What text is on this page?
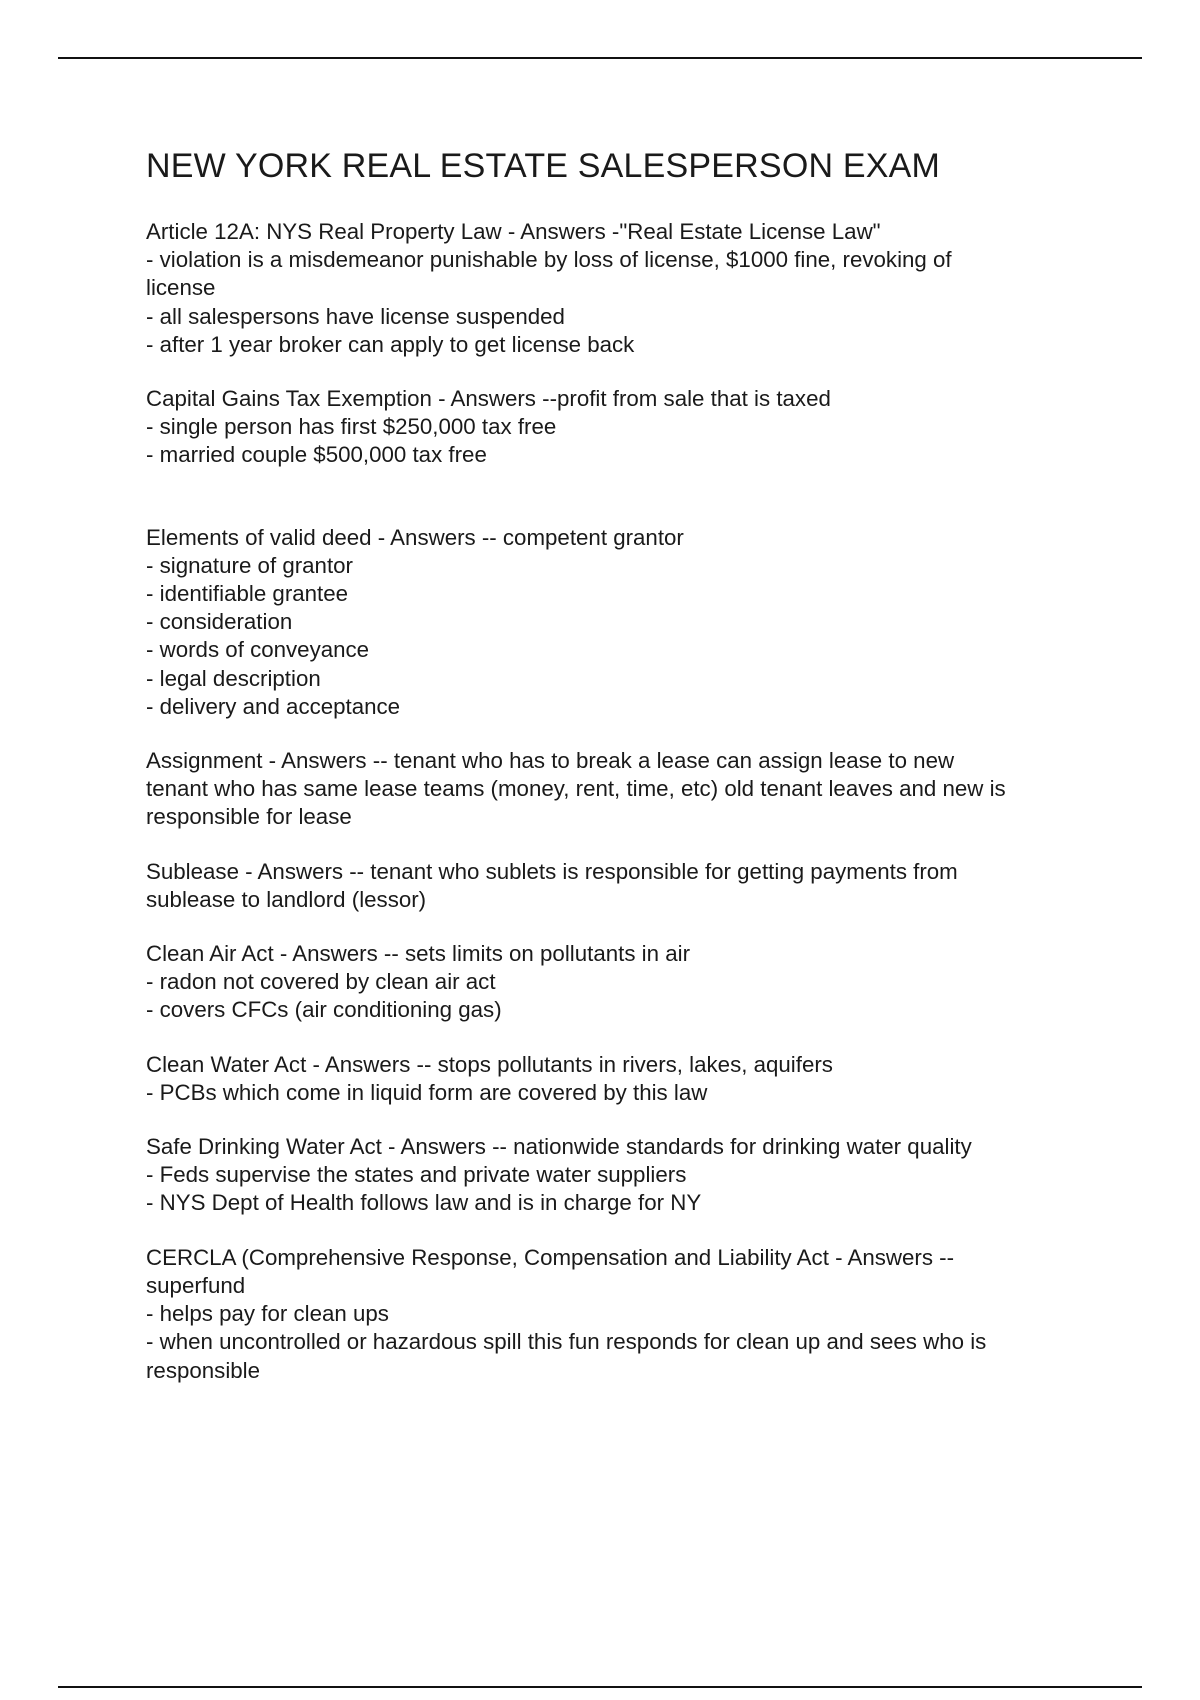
NEW YORK REAL ESTATE SALESPERSON EXAM
Article 12A: NYS Real Property Law - Answers -"Real Estate License Law"
- violation is a misdemeanor punishable by loss of license, $1000 fine, revoking of
license
- all salespersons have license suspended
- after 1 year broker can apply to get license back
Capital Gains Tax Exemption - Answers --profit from sale that is taxed
- single person has first $250,000 tax free
- married couple $500,000 tax free
Elements of valid deed - Answers -- competent grantor
- signature of grantor
- identifiable grantee
- consideration
- words of conveyance
- legal description
- delivery and acceptance
Assignment - Answers -- tenant who has to break a lease can assign lease to new
tenant who has same lease teams (money, rent, time, etc) old tenant leaves and new is
responsible for lease
Sublease - Answers -- tenant who sublets is responsible for getting payments from
sublease to landlord (lessor)
Clean Air Act - Answers -- sets limits on pollutants in air
- radon not covered by clean air act
- covers CFCs (air conditioning gas)
Clean Water Act - Answers -- stops pollutants in rivers, lakes, aquifers
- PCBs which come in liquid form are covered by this law
Safe Drinking Water Act - Answers -- nationwide standards for drinking water quality
- Feds supervise the states and private water suppliers
- NYS Dept of Health follows law and is in charge for NY
CERCLA (Comprehensive Response, Compensation and Liability Act - Answers --
superfund
- helps pay for clean ups
- when uncontrolled or hazardous spill this fun responds for clean up and sees who is
responsible
